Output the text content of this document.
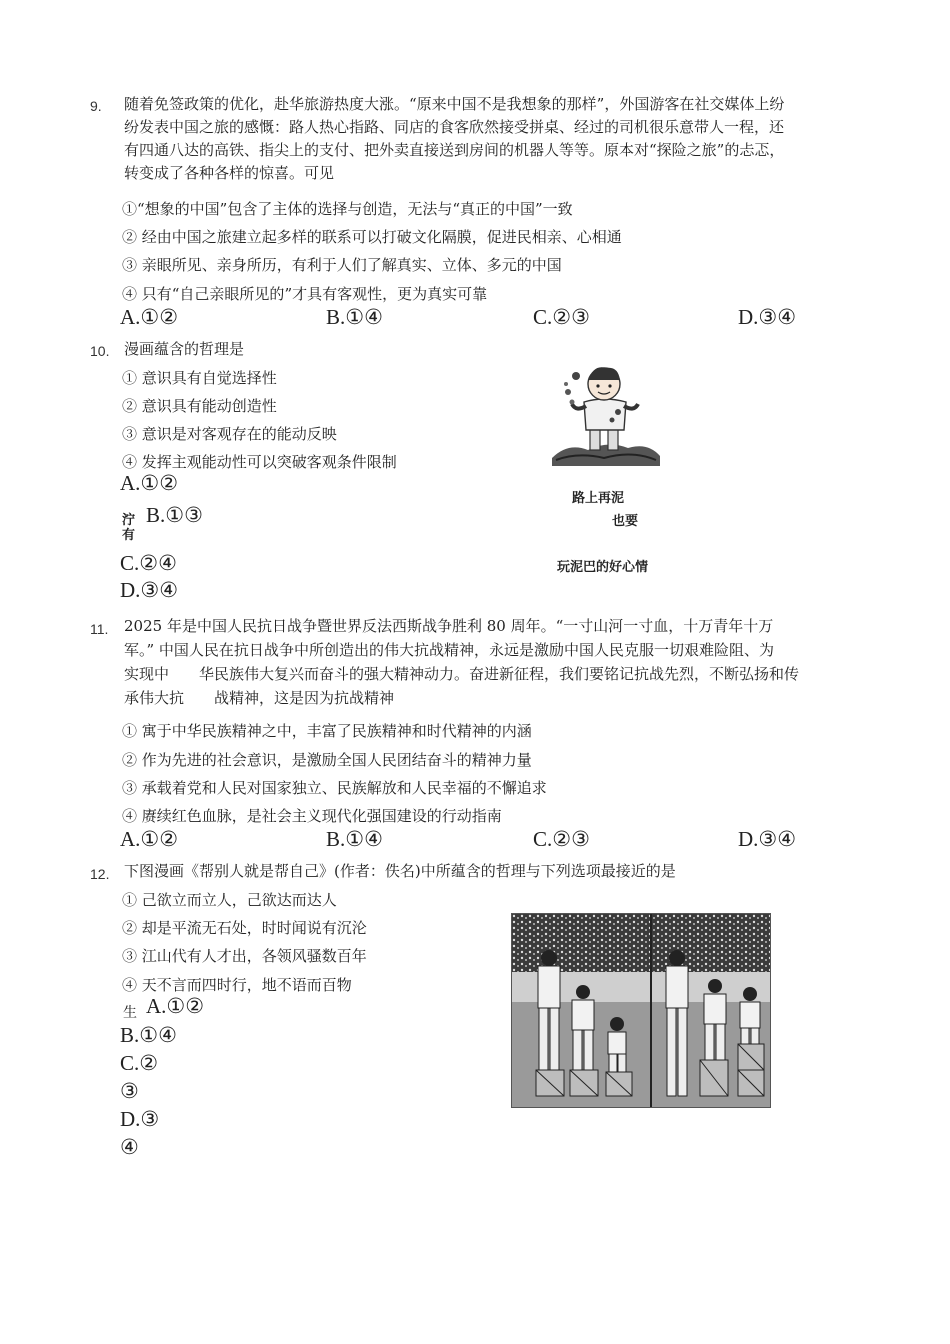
9. 随着免签政策的优化，赴华旅游热度大涨。“原来中国不是我想象的那样”，外国游客在社交媒体上纷
纷发表中国之旅的感慨：路人热心指路、同店的食客欣然接受拼桌、经过的司机很乐意带人一程，还
有四通八达的高铁、指尖上的支付、把外卖直接送到房间的机器人等等。原本对“探险之旅”的忐忑，
转变成了各种各样的惊喜。可见
①“想象的中国”包含了主体的选择与创造，无法与“真正的中国”一致
② 经由中国之旅建立起多样的联系可以打破文化隔膜，促进民相亲、心相通
③ 亲眼所见、亲身所历，有利于人们了解真实、立体、多元的中国
④ 只有“自己亲眼所见的”才具有客观性，更为真实可靠
A.①②	B.①④	C.②③	D.③④
10. 漫画蕴含的哲理是
① 意识具有自觉选择性
② 意识具有能动创造性
③ 意识是对客观存在的能动反映
④ 发挥主观能动性可以突破客观条件限制
A.①②
泞有
B.①③
C.②④
D.③④
路上再泥
也要
玩泥巴的好心情
11. 2025 年是中国人民抗日战争暨世界反法西斯战争胜利 80 周年。“一寸山河一寸血，十万青年十万
军。” 中国人民在抗日战争中所创造出的伟大抗战精神，永远是激励中国人民克服一切艰难险阻、为
实现中　　华民族伟大复兴而奋斗的强大精神动力。奋进新征程，我们要铭记抗战先烈，不断弘扬和传
承伟大抗　　战精神，这是因为抗战精神
① 寓于中华民族精神之中，丰富了民族精神和时代精神的内涵
② 作为先进的社会意识，是激励全国人民团结奋斗的精神力量
③ 承载着党和人民对国家独立、民族解放和人民幸福的不懈追求
④ 赓续红色血脉，是社会主义现代化强国建设的行动指南
A.①②	B.①④	C.②③	D.③④
12. 下图漫画《帮别人就是帮自己》(作者：佚名)中所蕴含的哲理与下列选项最接近的是
① 己欲立而立人，己欲达而达人
② 却是平流无石处，时时闻说有沉沦
③ 江山代有人才出，各领风骚数百年
④ 天不言而四时行，地不语而百物
生 A.①②
B.①④
C.②
③
D.③
④
